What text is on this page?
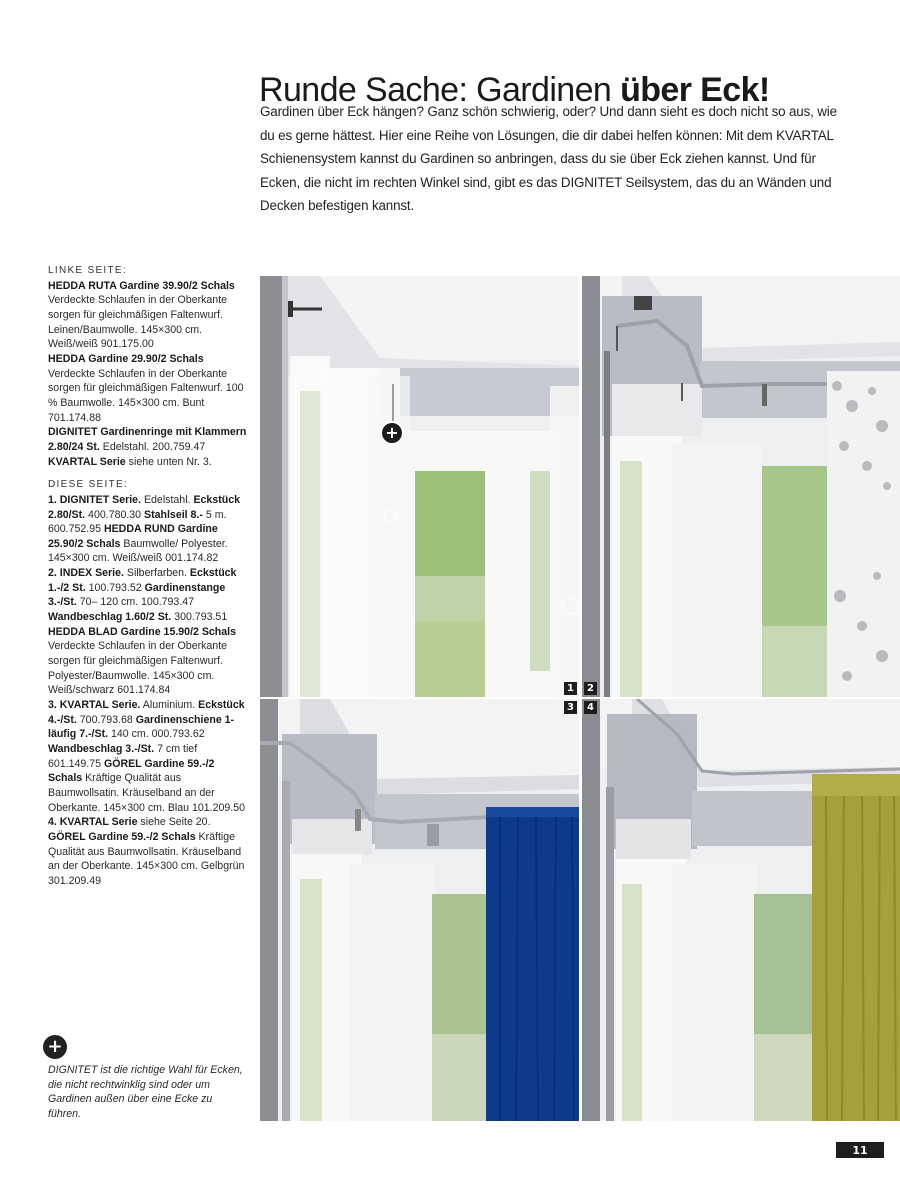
Runde Sache: Gardinen über Eck!

Gardinen über Eck hängen? Ganz schön schwierig, oder? Und dann sieht es doch nicht so aus, wie du es gerne hättest. Hier eine Reihe von Lösungen, die dir dabei helfen können: Mit dem KVARTAL Schienensystem kannst du Gardinen so anbringen, dass du sie über Eck ziehen kannst. Und für Ecken, die nicht im rechten Winkel sind, gibt es das DIGNITET Seilsystem, das du an Wänden und Decken befestigen kannst.

LINKE SEITE:
HEDDA RUTA Gardine 39.90/2 Schals Verdeckte Schlaufen in der Oberkante sorgen für gleichmäßigen Faltenwurf. Leinen/Baumwolle. 145×300 cm. Weiß/weiß 901.175.00
HEDDA Gardine 29.90/2 Schals Verdeckte Schlaufen in der Oberkante sorgen für gleichmäßigen Faltenwurf. 100 % Baumwolle. 145×300 cm. Bunt 701.174.88
DIGNITET Gardinenringe mit Klammern 2.80/24 St. Edelstahl. 200.759.47
KVARTAL Serie siehe unten Nr. 3.
DIESE SEITE:
1. DIGNITET Serie. Edelstahl. Eckstück 2.80/St. 400.780.30 Stahlseil 8.- 5 m. 600.752.95 HEDDA RUND Gardine 25.90/2 Schals Baumwolle/ Polyester. 145×300 cm. Weiß/weiß 001.174.82
2. INDEX Serie. Silberfarben. Eckstück 1.-/2 St. 100.793.52 Gardinenstange 3.-/St. 70– 120 cm. 100.793.47 Wandbeschlag 1.60/2 St. 300.793.51 HEDDA BLAD Gardine 15.90/2 Schals Verdeckte Schlaufen in der Oberkante sorgen für gleichmäßigen Faltenwurf. Polyester/Baumwolle. 145×300 cm. Weiß/schwarz 601.174.84
3. KVARTAL Serie. Aluminium. Eckstück 4.-/St. 700.793.68 Gardinenschiene 1-läufig 7.-/St. 140 cm. 000.793.62 Wandbeschlag 3.-/St. 7 cm tief 601.149.75 GÖREL Gardine 59.-/2 Schals Kräftige Qualität aus Baumwollsatin. Kräuselband an der Oberkante. 145×300 cm. Blau 101.209.50
4. KVARTAL Serie siehe Seite 20. GÖREL Gardine 59.-/2 Schals Kräftige Qualität aus Baumwollsatin. Kräuselband an der Oberkante. 145×300 cm. Gelbgrün 301.209.49
+
DIGNITET ist die richtige Wahl für Ecken, die nicht rechtwinklig sind oder um Gardinen außen über eine Ecke zu führen.
+
1	2
3	4
11
